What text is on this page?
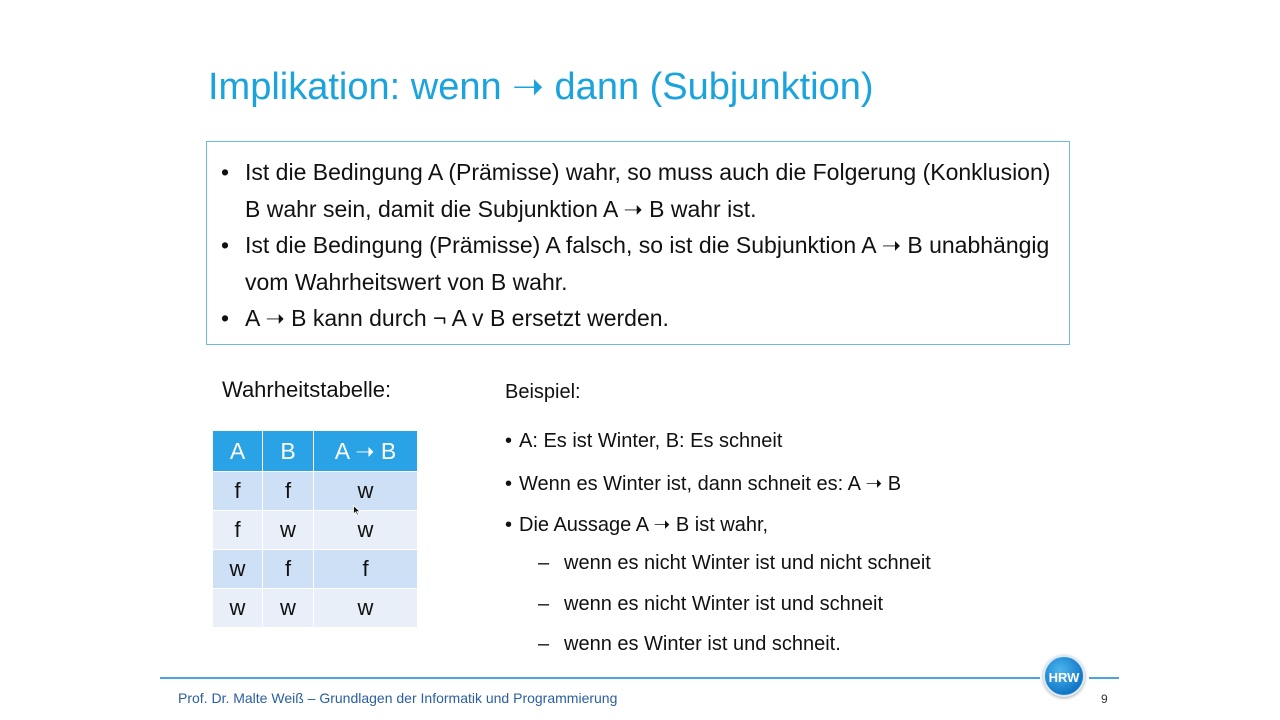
Implikation: wenn ➝ dann (Subjunktion)
• Ist die Bedingung A (Prämisse) wahr, so muss auch die Folgerung (Konklusion) B wahr sein, damit die Subjunktion A ➝ B wahr ist.
• Ist die Bedingung (Prämisse) A falsch, so ist die Subjunktion A ➝ B unabhängig vom Wahrheitswert von B wahr.
• A ➝ B kann durch ¬ A v B ersetzt werden.
Wahrheitstabelle:
A	B	A ➝ B
f	f	w
f	w	w
w	f	f
w	w	w
Beispiel:
• A: Es ist Winter, B: Es schneit
• Wenn es Winter ist, dann schneit es: A ➝ B
• Die Aussage A ➝ B ist wahr,
– wenn es nicht Winter ist und nicht schneit
– wenn es nicht Winter ist und schneit
– wenn es Winter ist und schneit.
HRW
Prof. Dr. Malte Weiß – Grundlagen der Informatik und Programmierung	9
